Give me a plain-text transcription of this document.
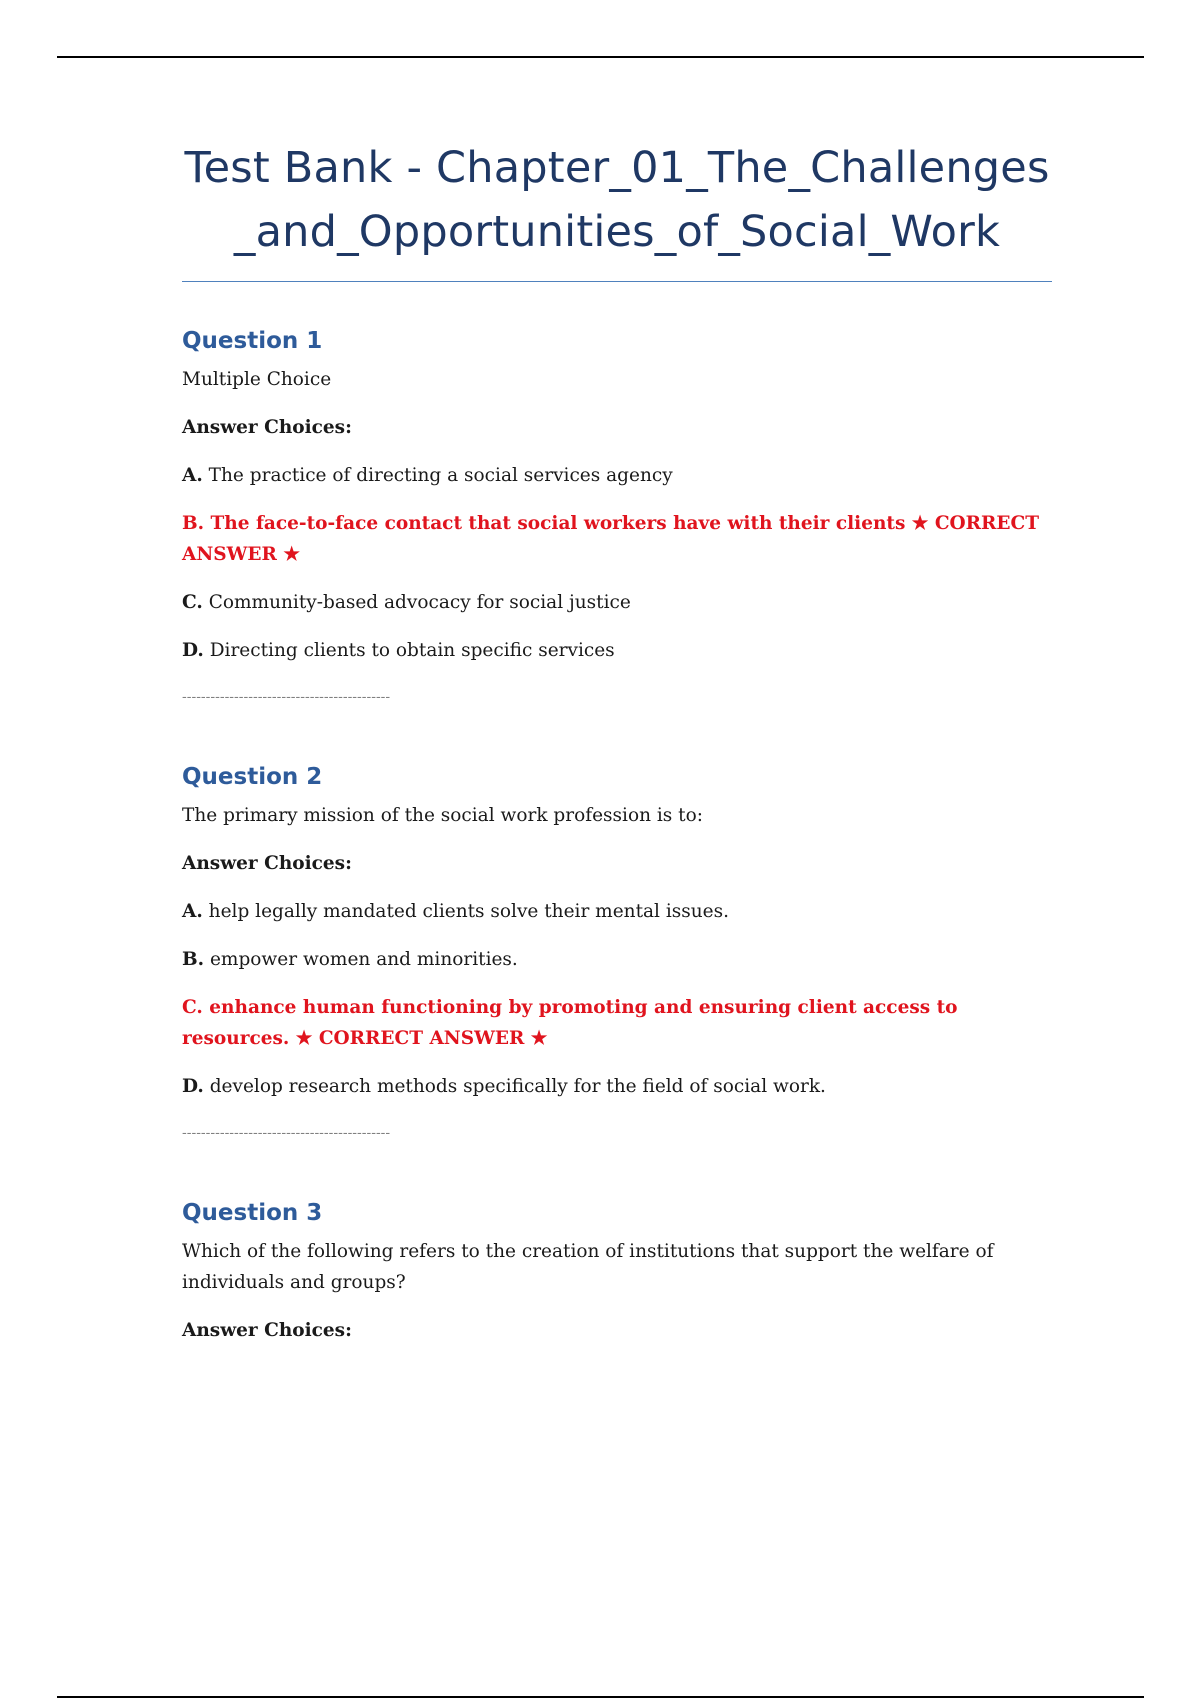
Test Bank - Chapter_01_The_Challenges_and_Opportunities_of_Social_Work
Question 1

Multiple Choice

Answer Choices:

A. The practice of directing a social services agency

B. The face-to-face contact that social workers have with their clients ★ CORRECT ANSWER ★

C. Community-based advocacy for social justice

D. Directing clients to obtain specific services

--------------------------------------------

Question 2

The primary mission of the social work profession is to:

Answer Choices:

A. help legally mandated clients solve their mental issues.

B. empower women and minorities.

C. enhance human functioning by promoting and ensuring client access to resources. ★ CORRECT ANSWER ★

D. develop research methods specifically for the field of social work.

--------------------------------------------

Question 3

Which of the following refers to the creation of institutions that support the welfare of individuals and groups?

Answer Choices:
